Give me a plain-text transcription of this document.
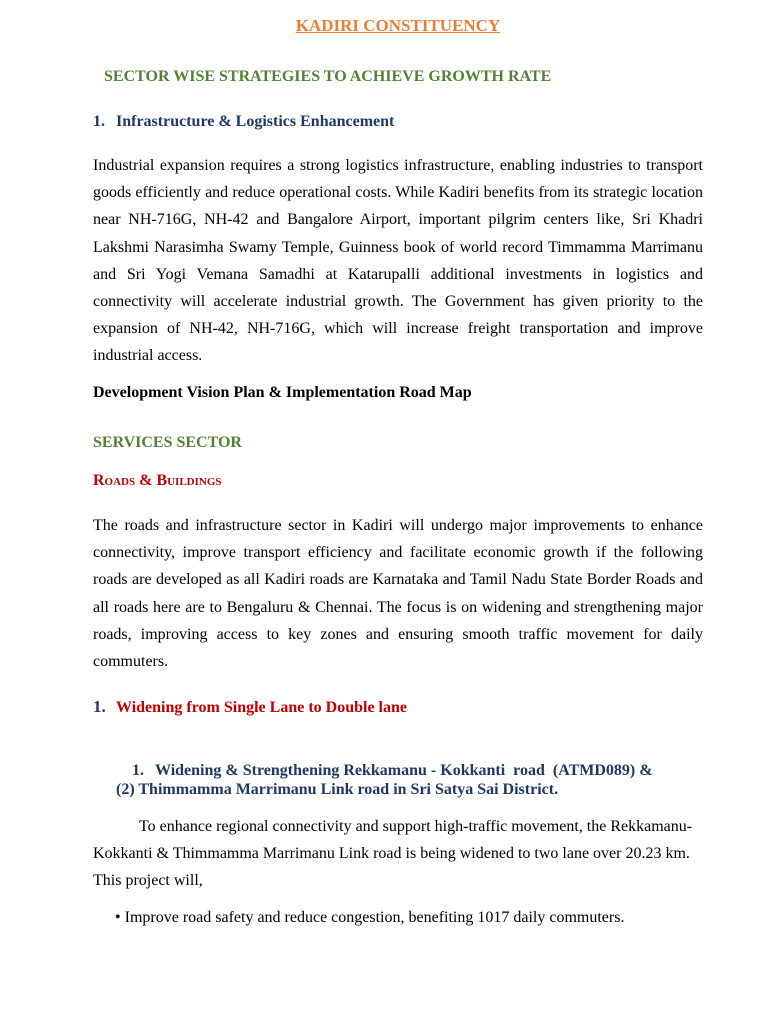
KADIRI CONSTITUENCY
SECTOR WISE STRATEGIES TO ACHIEVE GROWTH RATE
1. Infrastructure & Logistics Enhancement

Industrial expansion requires a strong logistics infrastructure, enabling industries to transport goods efficiently and reduce operational costs. While Kadiri benefits from its strategic location near NH-716G, NH-42 and Bangalore Airport, important pilgrim centers like, Sri Khadri Lakshmi Narasimha Swamy Temple, Guinness book of world record Timmamma Marrimanu and Sri Yogi Vemana Samadhi at Katarupalli additional investments in logistics and connectivity will accelerate industrial growth. The Government has given priority to the expansion of NH-42, NH-716G, which will increase freight transportation and improve industrial access.

Development Vision Plan & Implementation Road Map
SERVICES SECTOR
Roads & Buildings

The roads and infrastructure sector in Kadiri will undergo major improvements to enhance connectivity, improve transport efficiency and facilitate economic growth if the following roads are developed as all Kadiri roads are Karnataka and Tamil Nadu State Border Roads and all roads here are to Bengaluru & Chennai. The focus is on widening and strengthening major roads, improving access to key zones and ensuring smooth traffic movement for daily commuters.

1. Widening from Single Lane to Double lane

1. Widening & Strengthening Rekkamanu - Kokkanti  road  (ATMD089) &

(2) Thimmamma Marrimanu Link road in Sri Satya Sai District.

To enhance regional connectivity and support high-traffic movement, the Rekkamanu-Kokkanti & Thimmamma Marrimanu Link road is being widened to two lane over 20.23 km. This project will,

• Improve road safety and reduce congestion, benefiting 1017 daily commuters.
